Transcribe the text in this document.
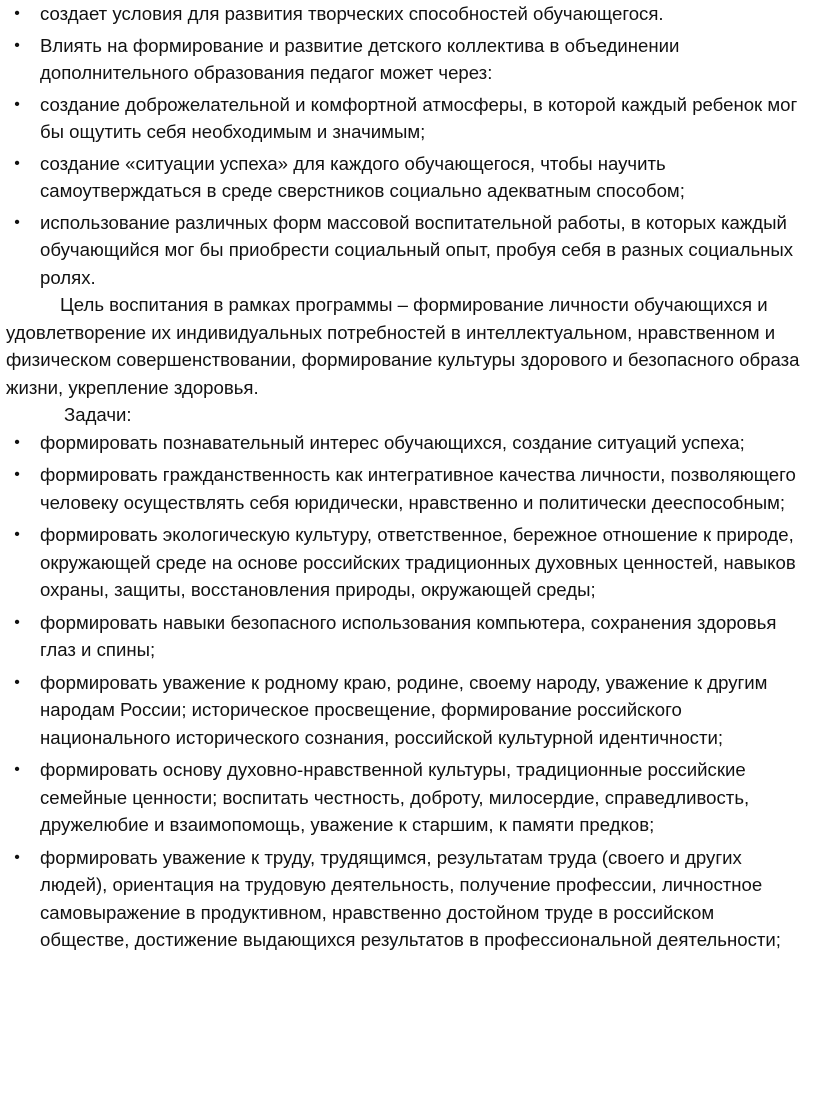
• создает условия для развития творческих способностей обучающегося.
• Влиять на формирование и развитие детского коллектива в объединении дополнительного образования педагог может через:
• создание доброжелательной и комфортной атмосферы, в которой каждый ребенок мог бы ощутить себя необходимым и значимым;
• создание «ситуации успеха» для каждого обучающегося, чтобы научить самоутверждаться в среде сверстников социально адекватным способом;
• использование различных форм массовой воспитательной работы, в которых каждый обучающийся мог бы приобрести социальный опыт, пробуя себя в разных социальных ролях.

Цель воспитания в рамках программы – формирование личности обучающихся и удовлетворение их индивидуальных потребностей в интеллектуальном, нравственном и физическом совершенствовании, формирование культуры здорового и безопасного образа жизни, укрепление здоровья.

Задачи:

• формировать познавательный интерес обучающихся, создание ситуаций успеха;
• формировать гражданственность как интегративное качества личности, позволяющего человеку осуществлять себя юридически, нравственно и политически дееспособным;
• формировать экологическую культуру, ответственное, бережное отношение к природе, окружающей среде на основе российских традиционных духовных ценностей, навыков охраны, защиты, восстановления природы, окружающей среды;
• формировать навыки безопасного использования компьютера, сохранения здоровья глаз и спины;
• формировать уважение к родному краю, родине, своему народу, уважение к другим народам России; историческое просвещение, формирование российского национального исторического сознания, российской культурной идентичности;
• формировать основу духовно-нравственной культуры, традиционные российские семейные ценности; воспитать честность, доброту, милосердие, справедливость, дружелюбие и взаимопомощь, уважение к старшим, к памяти предков;
• формировать уважение к труду, трудящимся, результатам труда (своего и других людей), ориентация на трудовую деятельность, получение профессии, личностное самовыражение в продуктивном, нравственно достойном труде в российском обществе, достижение выдающихся результатов в профессиональной деятельности;
